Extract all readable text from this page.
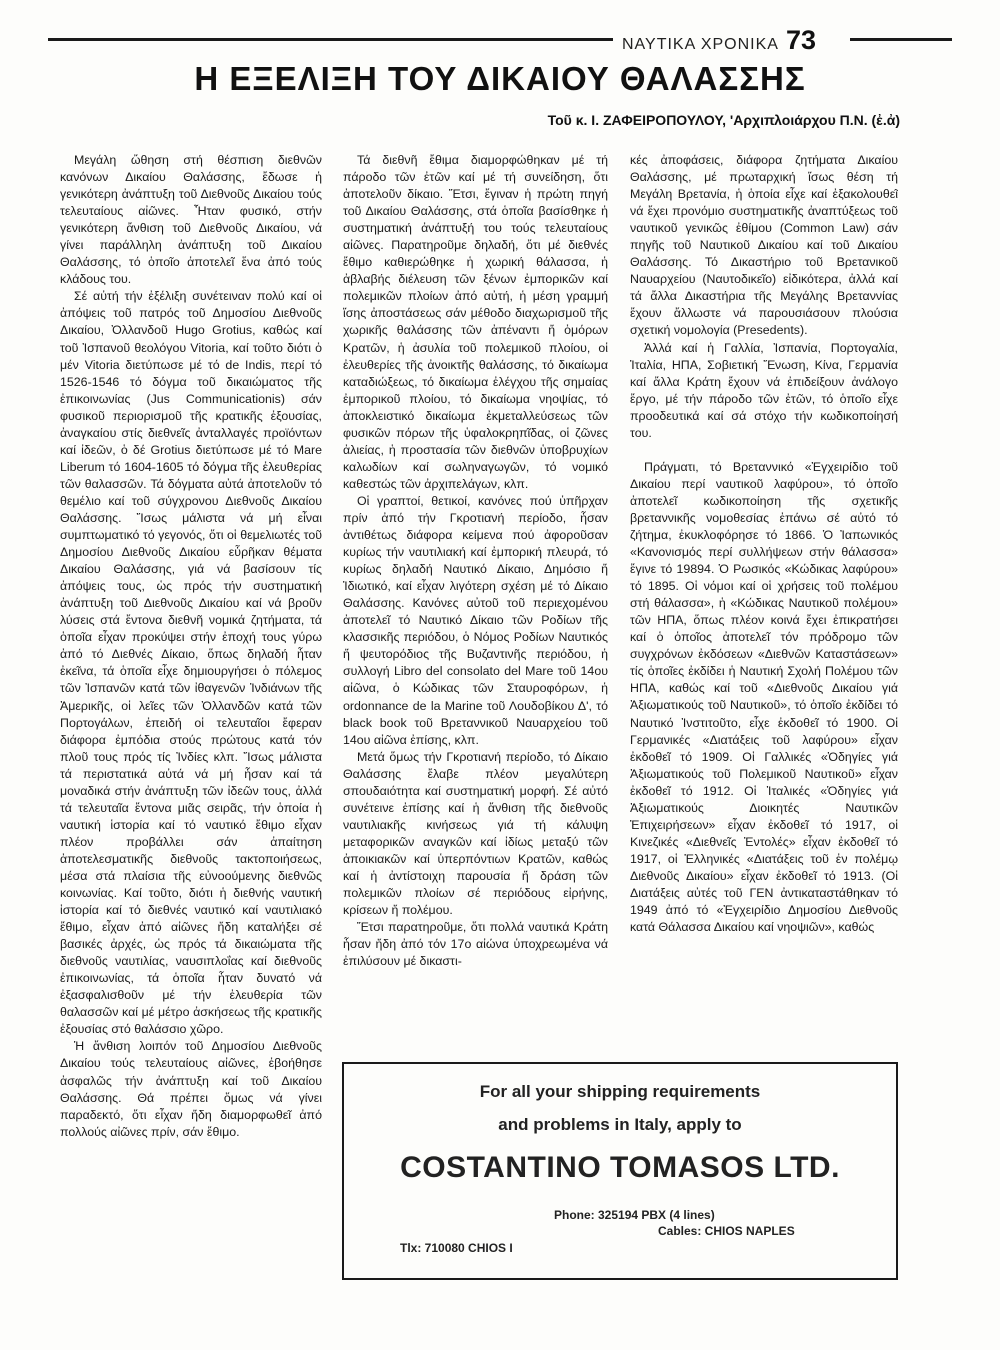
ΝΑΥΤΙΚΑ ΧΡΟΝΙΚΑ 73
Η ΕΞΕΛΙΞΗ ΤΟΥ ΔΙΚΑΙΟΥ ΘΑΛΑΣΣΗΣ
Τοῦ κ. Ι. ΖΑΦΕΙΡΟΠΟΥΛΟΥ, 'Αρχιπλοιάρχου Π.Ν. (ἐ.ἀ)

Μεγάλη ὤθηση στή θέσπιση διεθνῶν κανόνων Δικαίου Θαλάσσης, ἔδωσε ἡ γενικότερη ἀνάπτυξη τοῦ Διεθνοῦς Δικαίου τούς τελευταίους αἰῶνες. Ἦταν φυσικό, στήν γενικότερη ἄνθιση τοῦ Διεθνοῦς Δικαίου, νά γίνει παράλληλη ἀνάπτυξη τοῦ Δικαίου Θαλάσσης, τό ὁποῖο ἀποτελεῖ ἕνα ἀπό τούς κλάδους του.

Σέ αὐτή τήν ἐξέλιξη συνέτειναν πολύ καί οἱ ἀπόψεις τοῦ πατρός τοῦ Δημοσίου Διεθνοῦς Δικαίου, Ὀλλανδοῦ Hugo Grotius, καθώς καί τοῦ Ἰσπανοῦ θεολόγου Vitoria, καί τοῦτο διότι ὁ μέν Vitoria διετύπωσε μέ τό de Indis, περί τό 1526-1546 τό δόγμα τοῦ δικαιώματος τῆς ἐπικοινωνίας (Jus Communicationis) σάν φυσικοῦ περιορισμοῦ τῆς κρατικῆς ἐξουσίας, ἀναγκαίου στίς διεθνεῖς ἀνταλλαγές προϊόντων καί ἰδεῶν, ὁ δέ Grotius διετύπωσε μέ τό Mare Liberum τό 1604-1605 τό δόγμα τῆς ἐλευθερίας τῶν θαλασσῶν. Τά δόγματα αὐτά ἀποτελοῦν τό θεμέλιο καί τοῦ σύγχρονου Διεθνοῦς Δικαίου Θαλάσσης. Ἴσως μάλιστα νά μή εἶναι συμπτωματικό τό γεγονός, ὅτι οἱ θεμελιωτές τοῦ Δημοσίου Διεθνοῦς Δικαίου εὗρῆκαν θέματα Δικαίου Θαλάσσης, γιά νά βασίσουν τίς ἀπόψεις τους, ὡς πρός τήν συστηματική ἀνάπτυξη τοῦ Διεθνοῦς Δικαίου καί νά βροῦν λύσεις στά ἔντονα διεθνῆ νομικά ζητήματα, τά ὁποῖα εἶχαν προκύψει στήν ἐποχή τους γύρω ἀπό τό Διεθνές Δίκαιο, ὅπως δηλαδή ἦταν ἐκεῖνα, τά ὁποῖα εἶχε δημιουργήσει ὁ πόλεμος τῶν Ἰσπανῶν κατά τῶν ἰθαγενῶν Ἰνδιάνων τῆς Ἀμερικῆς, οἱ λεῖες τῶν Ὀλλανδῶν κατά τῶν Πορτογάλων, ἐπειδή οἱ τελευταῖοι ἔφεραν διάφορα ἐμπόδια στούς πρώτους κατά τόν πλοῦ τους πρός τίς Ἰνδίες κλπ. Ἴσως μάλιστα τά περιστατικά αὐτά νά μή ἦσαν καί τά μοναδικά στήν ἀνάπτυξη τῶν ἰδεῶν τους, ἀλλά τά τελευταῖα ἔντονα μιᾶς σειρᾶς, τήν ὁποία ἡ ναυτική ἱστορία καί τό ναυτικό ἔθιμο εἶχαν πλέον προβάλλει σάν ἀπαίτηση ἀποτελεσματικῆς διεθνοῦς τακτοποιήσεως, μέσα στά πλαίσια τῆς εὐνοούμενης διεθνῶς κοινωνίας. Καί τοῦτο, διότι ἡ διεθνής ναυτική ἱστορία καί τό διεθνές ναυτικό καί ναυτιλιακό ἔθιμο, εἶχαν ἀπό αἰῶνες ἤδη καταλήξει σέ βασικές ἀρχές, ὡς πρός τά δικαιώματα τῆς διεθνοῦς ναυτιλίας, ναυσιπλοΐας καί διεθνοῦς ἐπικοινωνίας, τά ὁποῖα ἦταν δυνατό νά ἐξασφαλισθοῦν μέ τήν ἐλευθερία τῶν θαλασσῶν καί μέ μέτρο ἀσκήσεως τῆς κρατικῆς ἐξουσίας στό θαλάσσιο χῶρο.

Ἡ ἄνθιση λοιπόν τοῦ Δημοσίου Διεθνοῦς Δικαίου τούς τελευταίους αἰῶνες, ἐβοήθησε ἀσφαλῶς τήν ἀνάπτυξη καί τοῦ Δικαίου Θαλάσσης. Θά πρέπει ὅμως νά γίνει παραδεκτό, ὅτι εἶχαν ἤδη διαμορφωθεῖ ἀπό πολλούς αἰῶνες πρίν, σάν ἔθιμο.

Τά διεθνῆ ἔθιμα διαμορφώθηκαν μέ τή πάροδο τῶν ἐτῶν καί μέ τή συνείδηση, ὅτι ἀποτελοῦν δίκαιο. Ἔτσι, ἔγιναν ἡ πρώτη πηγή τοῦ Δικαίου Θαλάσσης, στά ὁποῖα βασίσθηκε ἡ συστηματική ἀνάπτυξή του τούς τελευταίους αἰῶνες. Παρατηροῦμε δηλαδή, ὅτι μέ διεθνές ἔθιμο καθιερώθηκε ἡ χωρική θάλασσα, ἡ ἀβλαβής διέλευση τῶν ξένων ἐμπορικῶν καί πολεμικῶν πλοίων ἀπό αὐτή, ἡ μέση γραμμή ἴσης ἀποστάσεως σάν μέθοδο διαχωρισμοῦ τῆς χωρικῆς θαλάσσης τῶν ἀπέναντι ἤ ὁμόρων Κρατῶν, ἡ ἀσυλία τοῦ πολεμικοῦ πλοίου, οἱ ἐλευθερίες τῆς ἀνοικτῆς θαλάσσης, τό δικαίωμα καταδιώξεως, τό δικαίωμα ἐλέγχου τῆς σημαίας ἐμπορικοῦ πλοίου, τό δικαίωμα νηοψίας, τό ἀποκλειστικό δικαίωμα ἐκμεταλλεύσεως τῶν φυσικῶν πόρων τῆς ὑφαλοκρηπῖδας, οἱ ζῶνες ἀλιείας, ἡ προστασία τῶν διεθνῶν ὑποβρυχίων καλωδίων καί σωληναγωγῶν, τό νομικό καθεστώς τῶν ἀρχιπελάγων, κλπ.

Οἱ γραπτοί, θετικοί, κανόνες πού ὑπῆρχαν πρίν ἀπό τήν Γκροτιανή περίοδο, ἦσαν ἀντιθέτως διάφορα κείμενα πού ἀφοροῦσαν κυρίως τήν ναυτιλιακή καί ἐμπορική πλευρά, τό κυρίως δηλαδή Ναυτικό Δίκαιο, Δημόσιο ἤ Ἰδιωτικό, καί εἶχαν λιγότερη σχέση μέ τό Δίκαιο Θαλάσσης. Κανόνες αὐτοῦ τοῦ περιεχομένου ἀποτελεῖ τό Ναυτικό Δίκαιο τῶν Ροδίων τῆς κλασσικῆς περιόδου, ὁ Νόμος Ροδίων Ναυτικός ἤ ψευτορόδιος τῆς Βυζαντινῆς περιόδου, ἡ συλλογή Libro del consolato del Mare τοῦ 14ου αἰῶνα, ὁ Κώδικας τῶν Σταυροφόρων, ἡ ordonnance de la Marine τοῦ Λουδοβίκου Δ', τό black book τοῦ Βρεταννικοῦ Ναυαρχείου τοῦ 14ου αἰῶνα ἐπίσης, κλπ.

Μετά ὅμως τήν Γκροτιανή περίοδο, τό Δίκαιο Θαλάσσης ἔλαβε πλέον μεγαλύτερη σπουδαιότητα καί συστηματική μορφή. Σέ αὐτό συνέτεινε ἐπίσης καί ἡ ἄνθιση τῆς διεθνοῦς ναυτιλιακῆς κινήσεως γιά τή κάλυψη μεταφορικῶν αναγκῶν καί ἰδίως μεταξύ τῶν ἀποικιακῶν καί ὑπερπόντιων Κρατῶν, καθώς καί ἡ ἀντίστοιχη παρουσία ἤ δράση τῶν πολεμικῶν πλοίων σέ περιόδους εἰρήνης, κρίσεων ἤ πολέμου.

Ἔτσι παρατηροῦμε, ὅτι πολλά ναυτικά Κράτη ἦσαν ἤδη ἀπό τόν 17ο αἰώνα ὑποχρεωμένα νά ἐπιλύσουν μέ δικαστι-

κές ἀποφάσεις, διάφορα ζητήματα Δικαίου Θαλάσσης, μέ πρωταρχική ἴσως θέση τή Μεγάλη Βρετανία, ἡ ὁποία εἶχε καί ἐξακολουθεῖ νά ἔχει προνόμιο συστηματικῆς ἀναπτύξεως τοῦ ναυτικοῦ γενικῶς ἐθίμου (Common Law) σάν πηγῆς τοῦ Ναυτικοῦ Δικαίου καί τοῦ Δικαίου Θαλάσσης. Τό Δικαστήριο τοῦ Βρετανικοῦ Ναυαρχείου (Ναυτοδικεῖο) εἰδικότερα, ἀλλά καί τά ἄλλα Δικαστήρια τῆς Μεγάλης Βρεταννίας ἔχουν ἄλλωστε νά παρουσιάσουν πλούσια σχετική νομολογία (Presedents).

Ἀλλά καί ἡ Γαλλία, Ἰσπανία, Πορτογαλία, Ἰταλία, ΗΠΑ, Σοβιετική Ἕνωση, Κίνα, Γερμανία καί ἄλλα Κράτη ἔχουν νά ἐπιδείξουν ἀνάλογο ἔργο, μέ τήν πάροδο τῶν ἐτῶν, τό ὁποῖο εἶχε προοδευτικά καί σά στόχο τήν κωδικοποίησή του.

Πράγματι, τό Βρεταννικό «Ἐγχειρίδιο τοῦ Δικαίου περί ναυτικοῦ λαφύρου», τό ὁποῖο ἀποτελεῖ κωδικοποίηση τῆς σχετικῆς βρεταννικῆς νομοθεσίας ἐπάνω σέ αὐτό τό ζήτημα, ἐκυκλοφόρησε τό 1866. Ὁ Ἰαπωνικός «Κανονισμός περί συλλήψεων στήν θάλασσα» ἔγινε τό 19894. Ὁ Ρωσικός «Κώδικας λαφύρου» τό 1895. Οἱ νόμοι καί οἱ χρήσεις τοῦ πολέμου στή θάλασσα», ἡ «Κώδικας Ναυτικοῦ πολέμου» τῶν ΗΠΑ, ὅπως πλέον κοινά ἔχει ἐπικρατήσει καί ὁ ὁποῖος ἀποτελεῖ τόν πρόδρομο τῶν συγχρόνων ἐκδόσεων «Διεθνῶν Καταστάσεων» τίς ὁποῖες ἐκδίδει ἡ Ναυτική Σχολή Πολέμου τῶν ΗΠΑ, καθώς καί τοῦ «Διεθνοῦς Δικαίου γιά Ἀξιωματικούς τοῦ Ναυτικοῦ», τό ὁποῖο ἐκδίδει τό Ναυτικό Ἰνστιτοῦτο, εἶχε ἐκδοθεῖ τό 1900. Οἱ Γερμανικές «Διατάξεις τοῦ λαφύρου» εἶχαν ἐκδοθεῖ τό 1909. Οἱ Γαλλικές «Ὁδηγίες γιά Ἀξιωματικούς τοῦ Πολεμικοῦ Ναυτικοῦ» εἶχαν ἐκδοθεῖ τό 1912. Οἱ Ἰταλικές «Ὁδηγίες γιά Ἀξιωματικούς Διοικητές Ναυτικῶν Ἐπιχειρήσεων» εἶχαν ἐκδοθεῖ τό 1917, οἱ Κινεζικές «Διεθνεῖς Ἐντολές» εἶχαν ἐκδοθεῖ τό 1917, οἱ Ἑλληνικές «Διατάξεις τοῦ ἐν πολέμῳ Διεθνοῦς Δικαίου» εἶχαν ἐκδοθεῖ τό 1913. (Οἱ Διατάξεις αὐτές τοῦ ΓΕΝ ἀντικαταστάθηκαν τό 1949 ἀπό τό «Ἐγχειρίδιο Δημοσίου Διεθνοῦς κατά Θάλασσα Δικαίου καί νηοψιῶν», καθώς

For all your shipping requirements
and problems in Italy, apply to
COSTANTINO TOMASOS LTD.
Phone: 325194 PBX (4 lines)
Cables: CHIOS NAPLES
Tlx: 710080 CHIOS I
